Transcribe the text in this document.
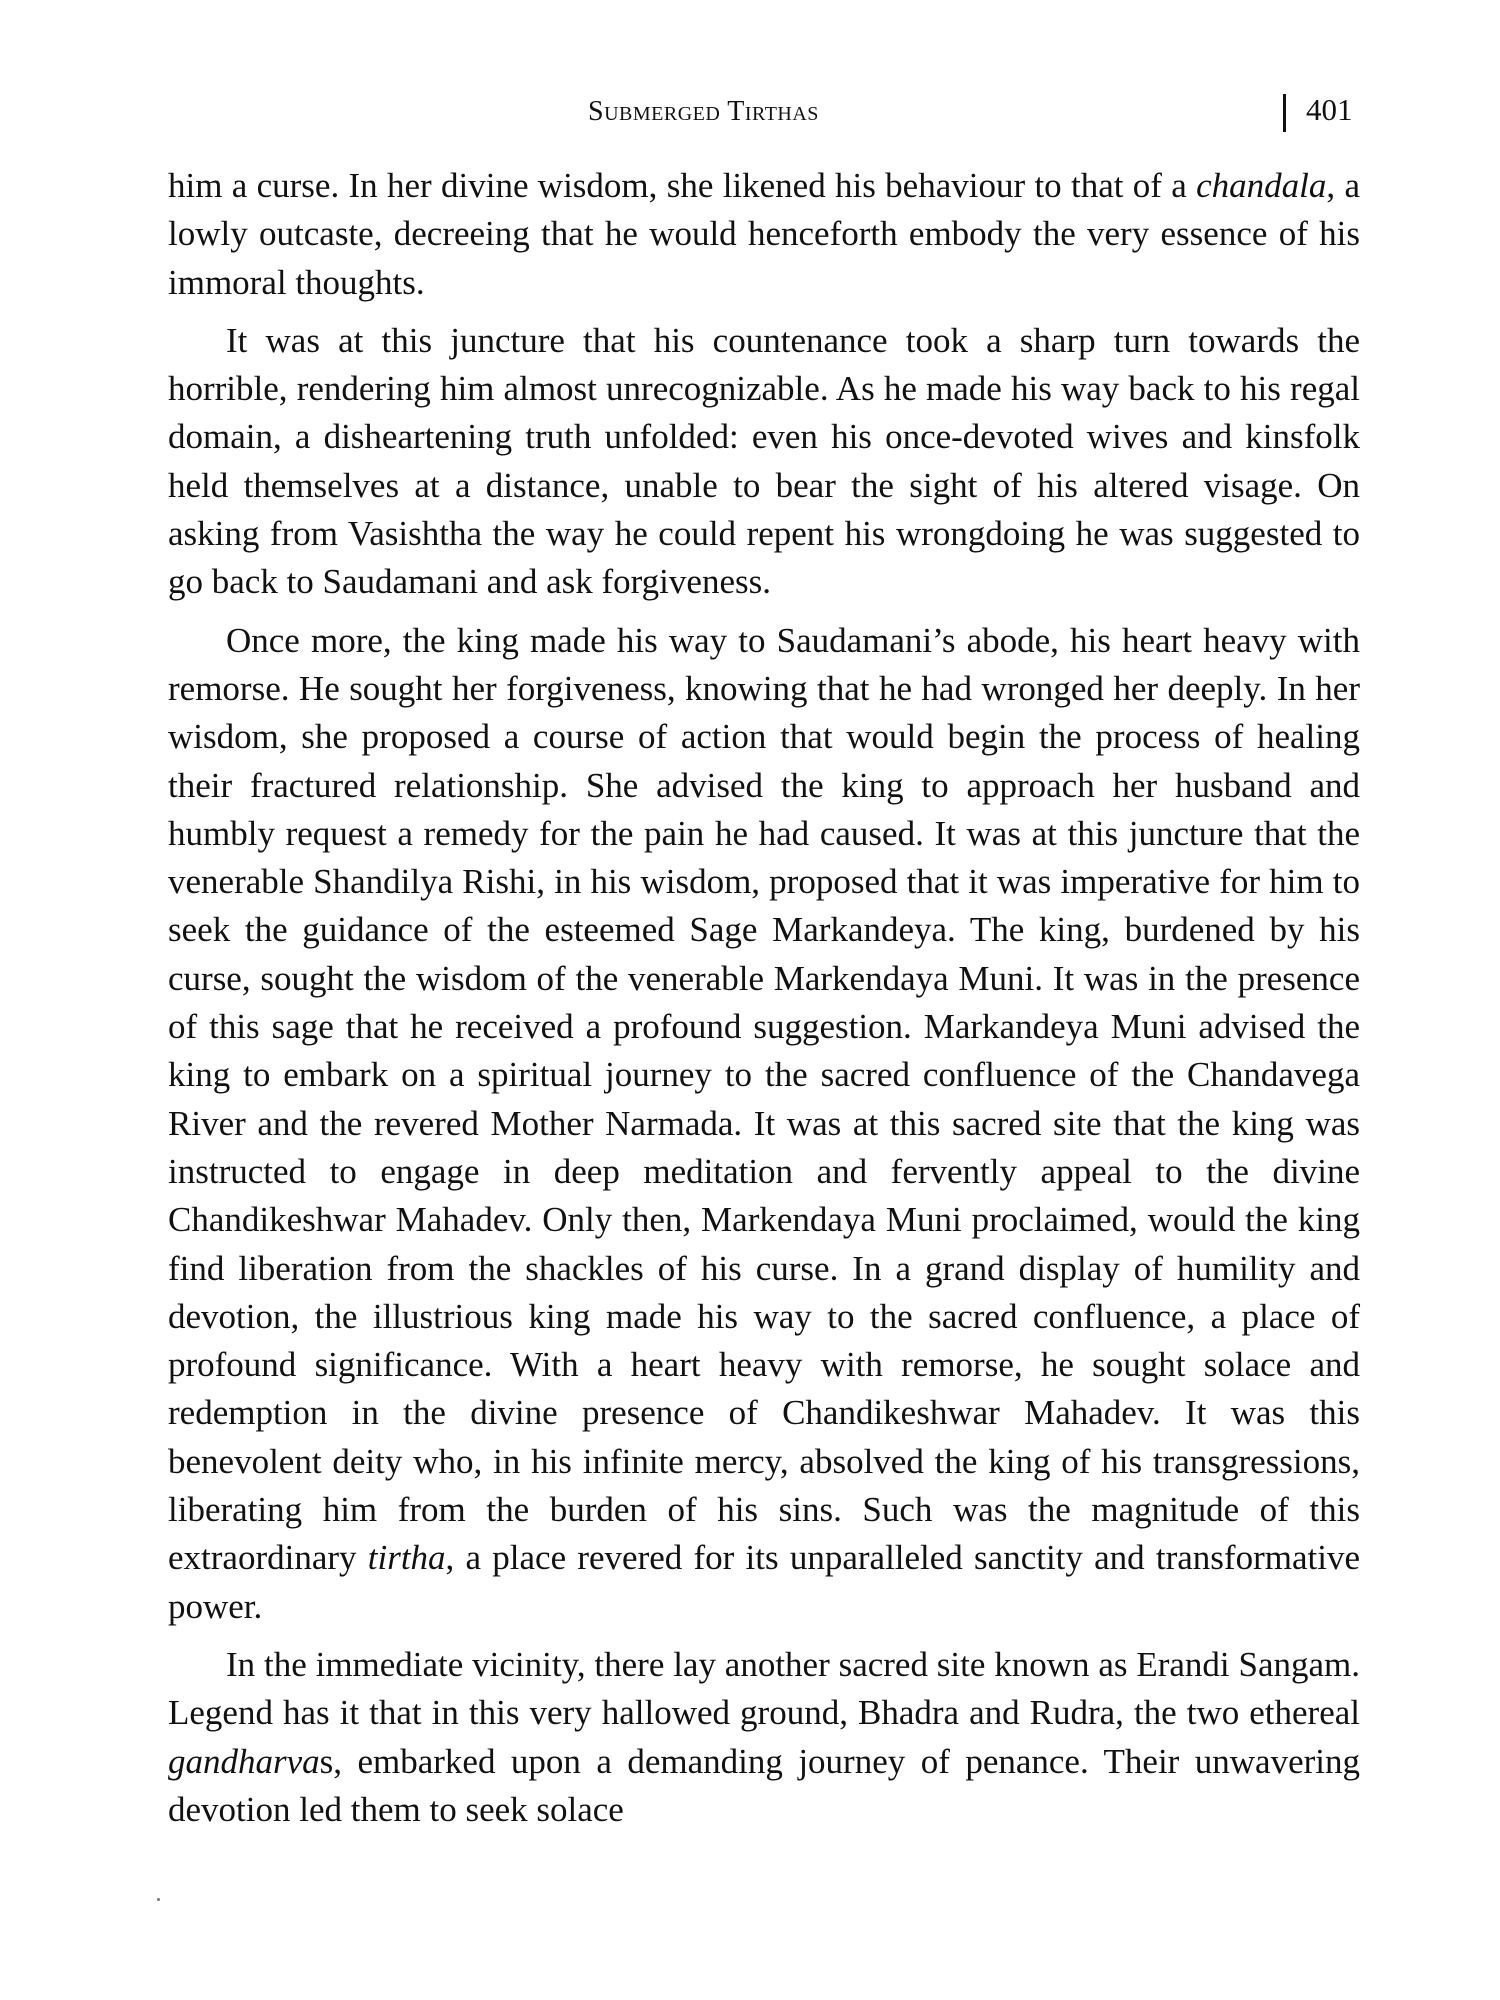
Submerged Tirthas	401

him a curse. In her divine wisdom, she likened his behaviour to that of a chandala, a lowly outcaste, decreeing that he would henceforth embody the very essence of his immoral thoughts.

It was at this juncture that his countenance took a sharp turn towards the horrible, rendering him almost unrecognizable. As he made his way back to his regal domain, a disheartening truth unfolded: even his once-devoted wives and kinsfolk held themselves at a distance, unable to bear the sight of his altered visage. On asking from Vasishtha the way he could repent his wrongdoing he was suggested to go back to Saudamani and ask forgiveness.

Once more, the king made his way to Saudamani’s abode, his heart heavy with remorse. He sought her forgiveness, knowing that he had wronged her deeply. In her wisdom, she proposed a course of action that would begin the process of healing their fractured relationship. She advised the king to approach her husband and humbly request a remedy for the pain he had caused. It was at this juncture that the venerable Shandilya Rishi, in his wisdom, proposed that it was imperative for him to seek the guidance of the esteemed Sage Markandeya. The king, burdened by his curse, sought the wisdom of the venerable Markendaya Muni. It was in the presence of this sage that he received a profound suggestion. Markandeya Muni advised the king to embark on a spiritual journey to the sacred confluence of the Chandavega River and the revered Mother Narmada. It was at this sacred site that the king was instructed to engage in deep meditation and fervently appeal to the divine Chandikeshwar Mahadev. Only then, Markendaya Muni proclaimed, would the king find liberation from the shackles of his curse. In a grand display of humility and devotion, the illustrious king made his way to the sacred confluence, a place of profound significance. With a heart heavy with remorse, he sought solace and redemption in the divine presence of Chandikeshwar Mahadev. It was this benevolent deity who, in his infinite mercy, absolved the king of his transgressions, liberating him from the burden of his sins. Such was the magnitude of this extraordinary tirtha, a place revered for its unparalleled sanctity and transformative power.

In the immediate vicinity, there lay another sacred site known as Erandi Sangam. Legend has it that in this very hallowed ground, Bhadra and Rudra, the two ethereal gandharvas, embarked upon a demanding journey of penance. Their unwavering devotion led them to seek solace
